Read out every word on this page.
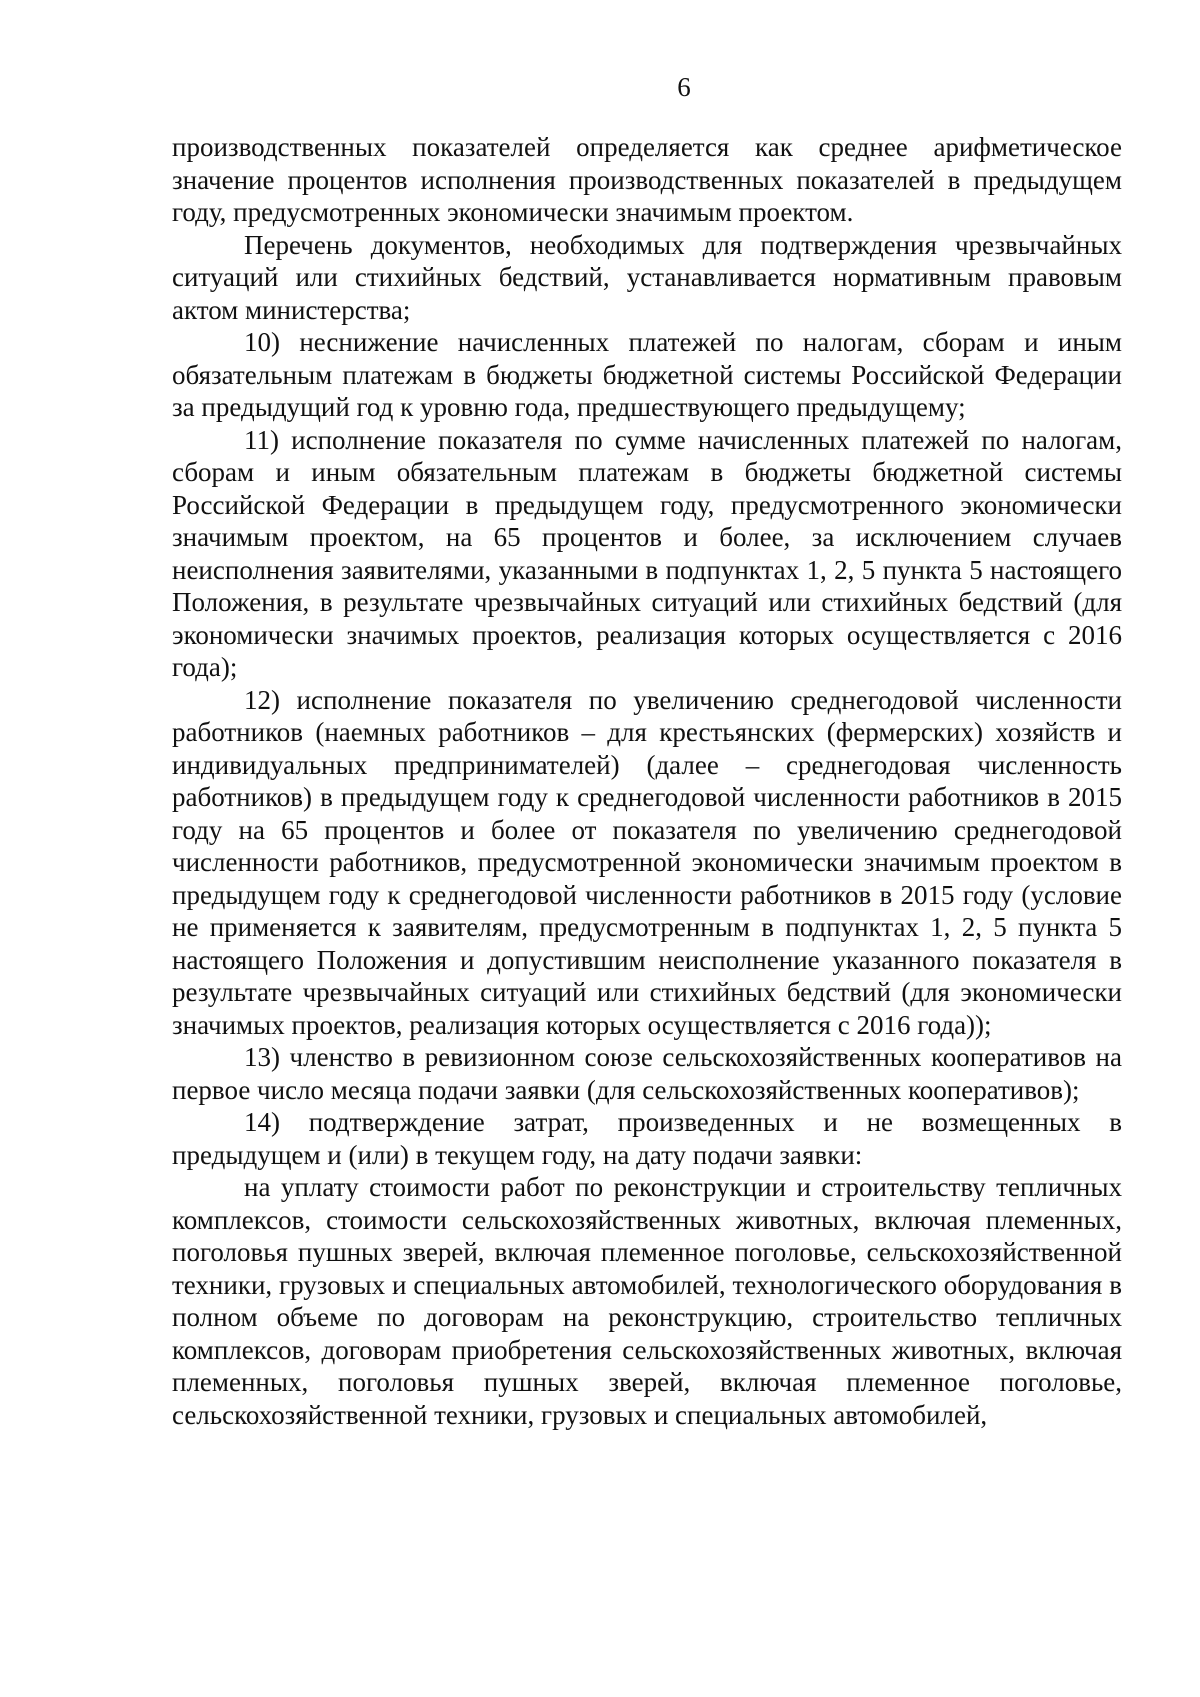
6

производственных показателей определяется как среднее арифметическое значение процентов исполнения производственных показателей в предыдущем году, предусмотренных экономически значимым проектом.

Перечень документов, необходимых для подтверждения чрезвычайных ситуаций или стихийных бедствий, устанавливается нормативным правовым актом министерства;

10) неснижение начисленных платежей по налогам, сборам и иным обязательным платежам в бюджеты бюджетной системы Российской Федерации за предыдущий год к уровню года, предшествующего предыдущему;

11) исполнение показателя по сумме начисленных платежей по налогам, сборам и иным обязательным платежам в бюджеты бюджетной системы Российской Федерации в предыдущем году, предусмотренного экономически значимым проектом, на 65 процентов и более, за исключением случаев неисполнения заявителями, указанными в подпунктах 1, 2, 5 пункта 5 настоящего Положения, в результате чрезвычайных ситуаций или стихийных бедствий (для экономически значимых проектов, реализация которых осуществляется с 2016 года);

12) исполнение показателя по увеличению среднегодовой численности работников (наемных работников – для крестьянских (фермерских) хозяйств и индивидуальных предпринимателей) (далее – среднегодовая численность работников) в предыдущем году к среднегодовой численности работников в 2015 году на 65 процентов и более от показателя по увеличению среднегодовой численности работников, предусмотренной экономически значимым проектом в предыдущем году к среднегодовой численности работников в 2015 году (условие не применяется к заявителям, предусмотренным в подпунктах 1, 2, 5 пункта 5 настоящего Положения и допустившим неисполнение указанного показателя в результате чрезвычайных ситуаций или стихийных бедствий (для экономически значимых проектов, реализация которых осуществляется с 2016 года));

13) членство в ревизионном союзе сельскохозяйственных кооперативов на первое число месяца подачи заявки (для сельскохозяйственных кооперативов);

14) подтверждение затрат, произведенных и не возмещенных в предыдущем и (или) в текущем году, на дату подачи заявки:

на уплату стоимости работ по реконструкции и строительству тепличных комплексов, стоимости сельскохозяйственных животных, включая племенных, поголовья пушных зверей, включая племенное поголовье, сельскохозяйственной техники, грузовых и специальных автомобилей, технологического оборудования в полном объеме по договорам на реконструкцию, строительство тепличных комплексов, договорам приобретения сельскохозяйственных животных, включая племенных, поголовья пушных зверей, включая племенное поголовье, сельскохозяйственной техники, грузовых и специальных автомобилей,
